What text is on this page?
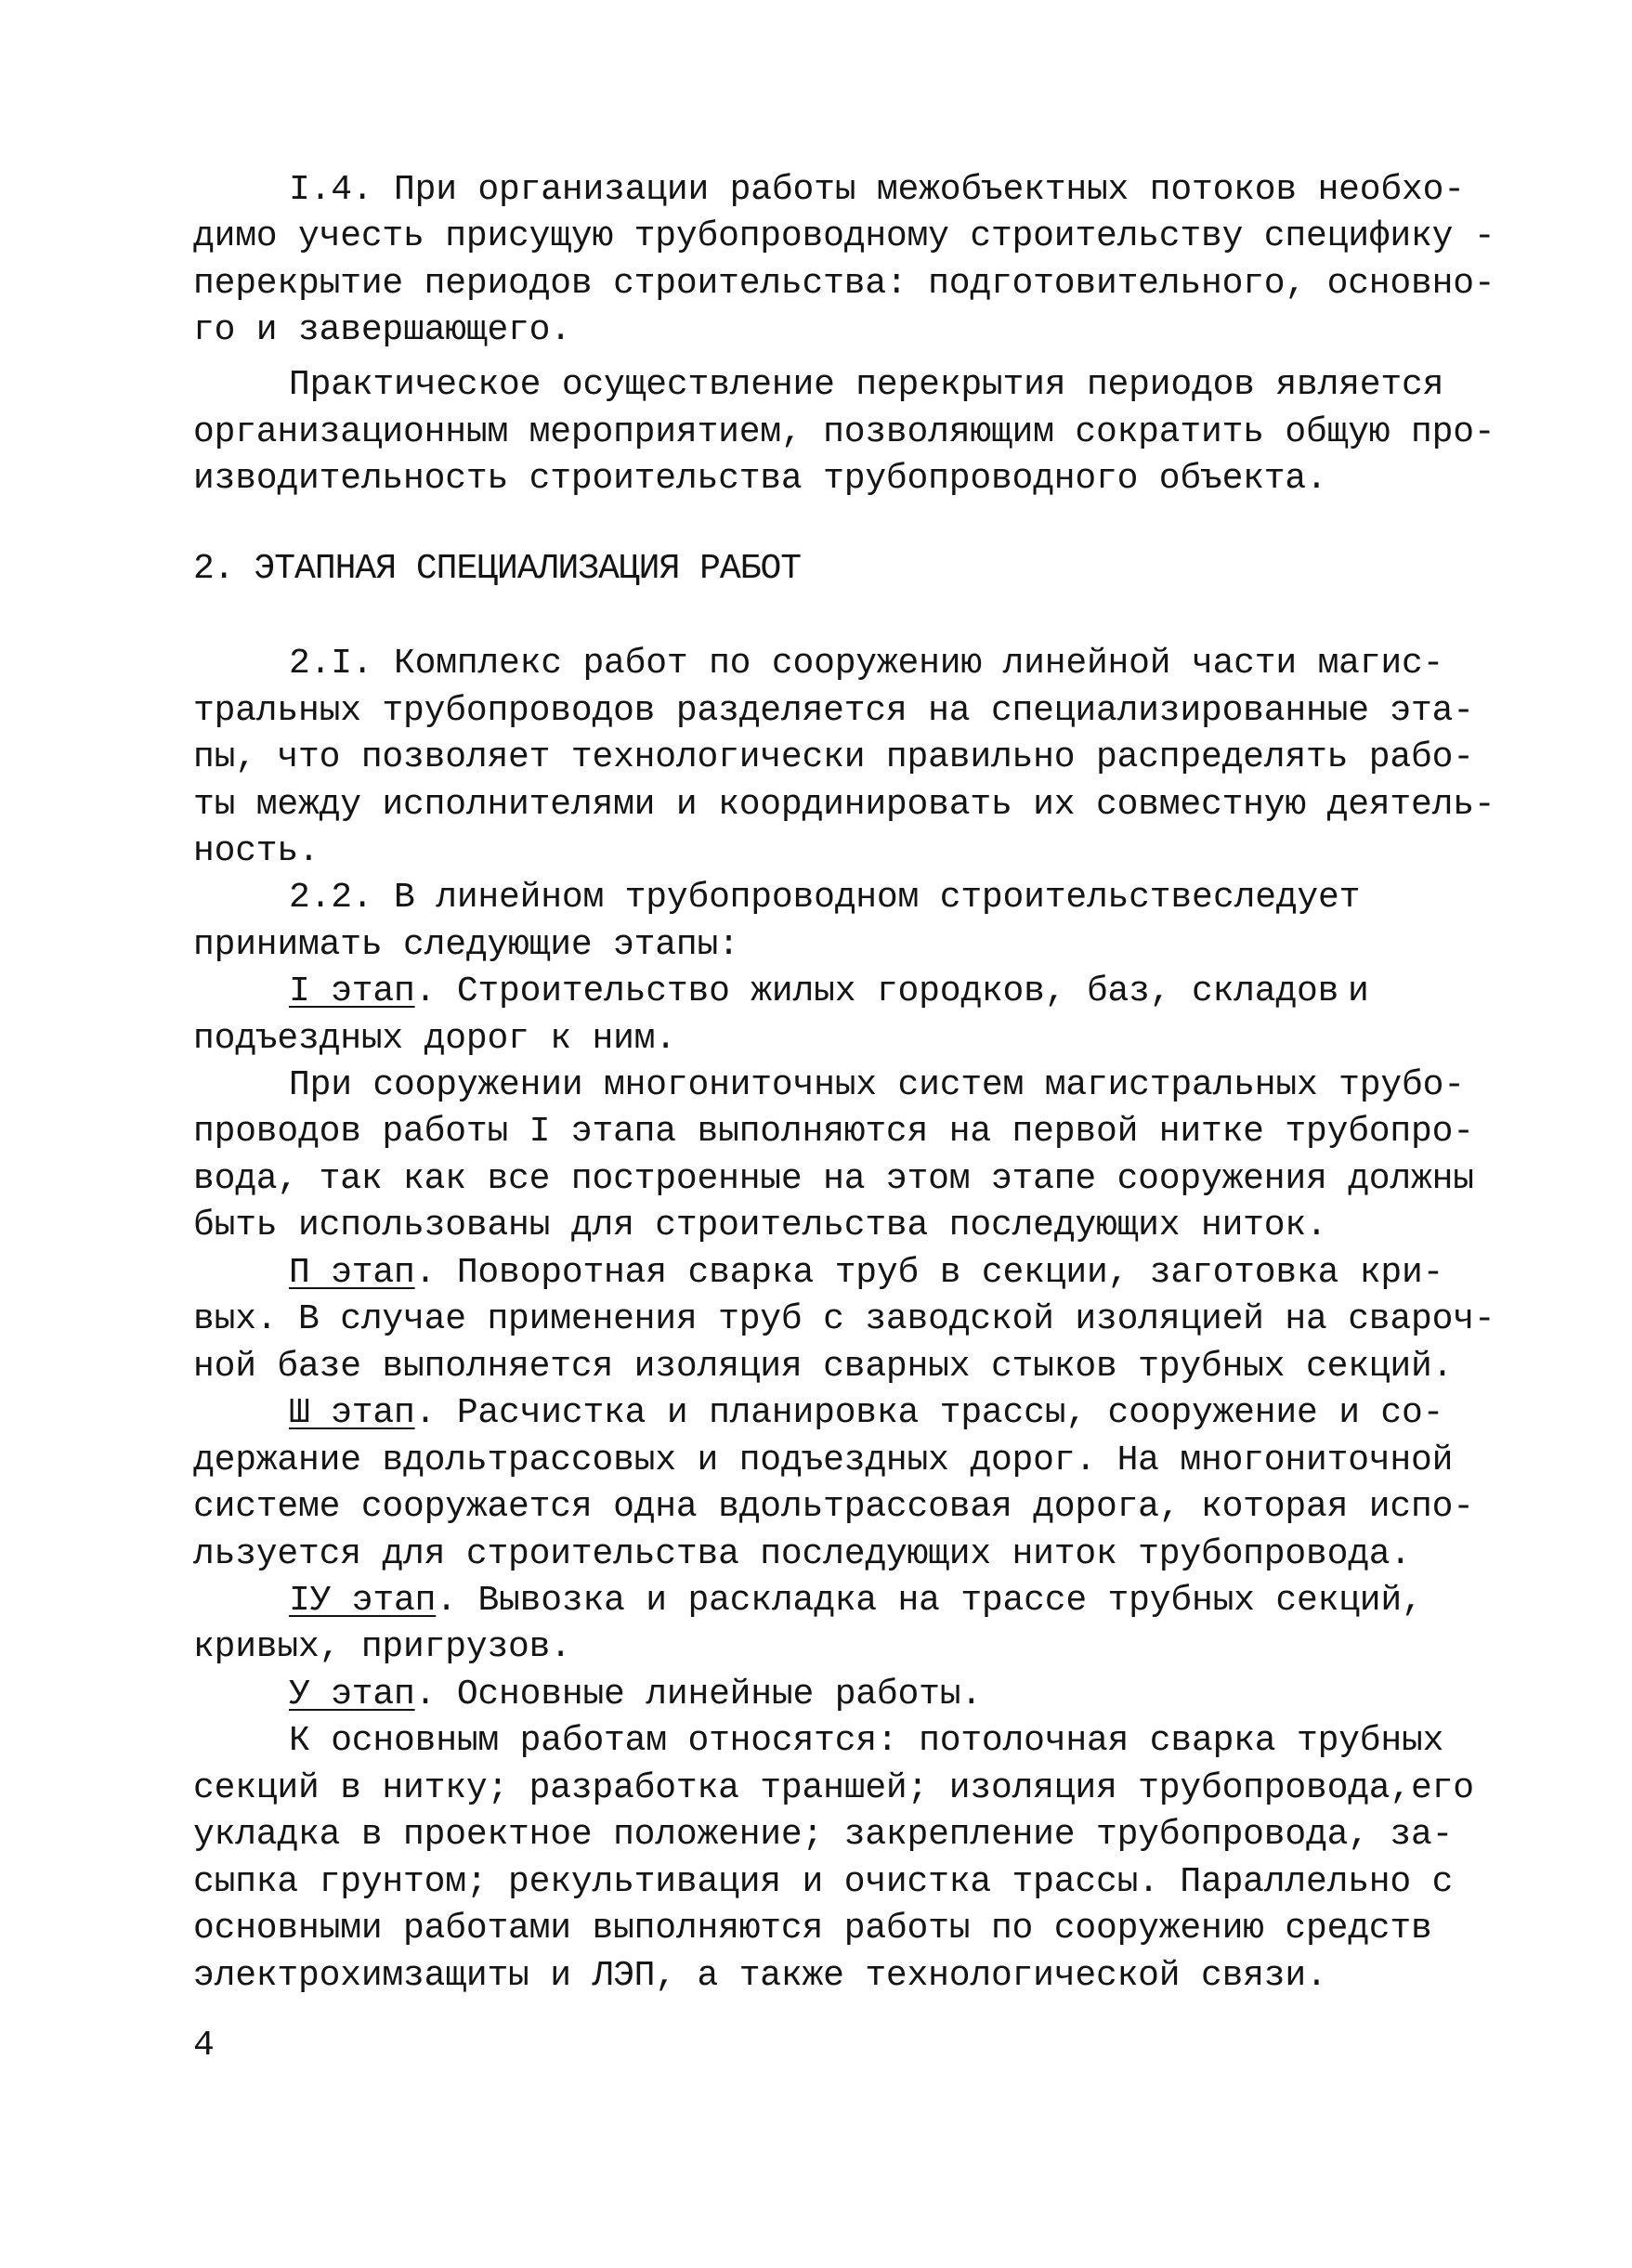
I.4. При организации работы межобъектных потоков необхо-
димо учесть присущую трубопроводному строительству специфику -
перекрытие периодов строительства: подготовительного, основно-
го и завершающего.
Практическое осуществление перекрытия периодов является
организационным мероприятием, позволяющим сократить общую про-
изводительность строительства трубопроводного объекта.
2. ЭТАПНАЯ СПЕЦИАЛИЗАЦИЯ РАБОТ
2.I. Комплекс работ по сооружению линейной части магис-
тральных трубопроводов разделяется на специализированные эта-
пы, что позволяет технологически правильно распределять рабо-
ты между исполнителями и координировать их совместную деятель-
ность.
2.2. В линейном трубопроводном строительстве следует
принимать следующие этапы:
I этап. Строительство жилых городков, баз, складов и
подъездных дорог к ним.
При сооружении многониточных систем магистральных трубо-
проводов работы I этапа выполняются на первой нитке трубопро-
вода, так как все построенные на этом этапе сооружения должны
быть использованы для строительства последующих ниток.
П этап. Поворотная сварка труб в секции, заготовка кри-
вых. В случае применения труб с заводской изоляцией на свароч-
ной базе выполняется изоляция сварных стыков трубных секций.
Ш этап. Расчистка и планировка трассы, сооружение и со-
держание вдольтрассовых и подъездных дорог. На многониточной
системе сооружается одна вдольтрассовая дорога, которая испо-
льзуется для строительства последующих ниток трубопровода.
IУ этап. Вывозка и раскладка на трассе трубных секций,
кривых, пригрузов.
У этап. Основные линейные работы.
К основным работам относятся: потолочная сварка трубных
секций в нитку; разработка траншей; изоляция трубопровода,его
укладка в проектное положение; закрепление трубопровода, за-
сыпка грунтом; рекультивация и очистка трассы. Параллельно с
основными работами выполняются работы по сооружению средств
электрохимзащиты и ЛЭП, а также технологической связи.
4
